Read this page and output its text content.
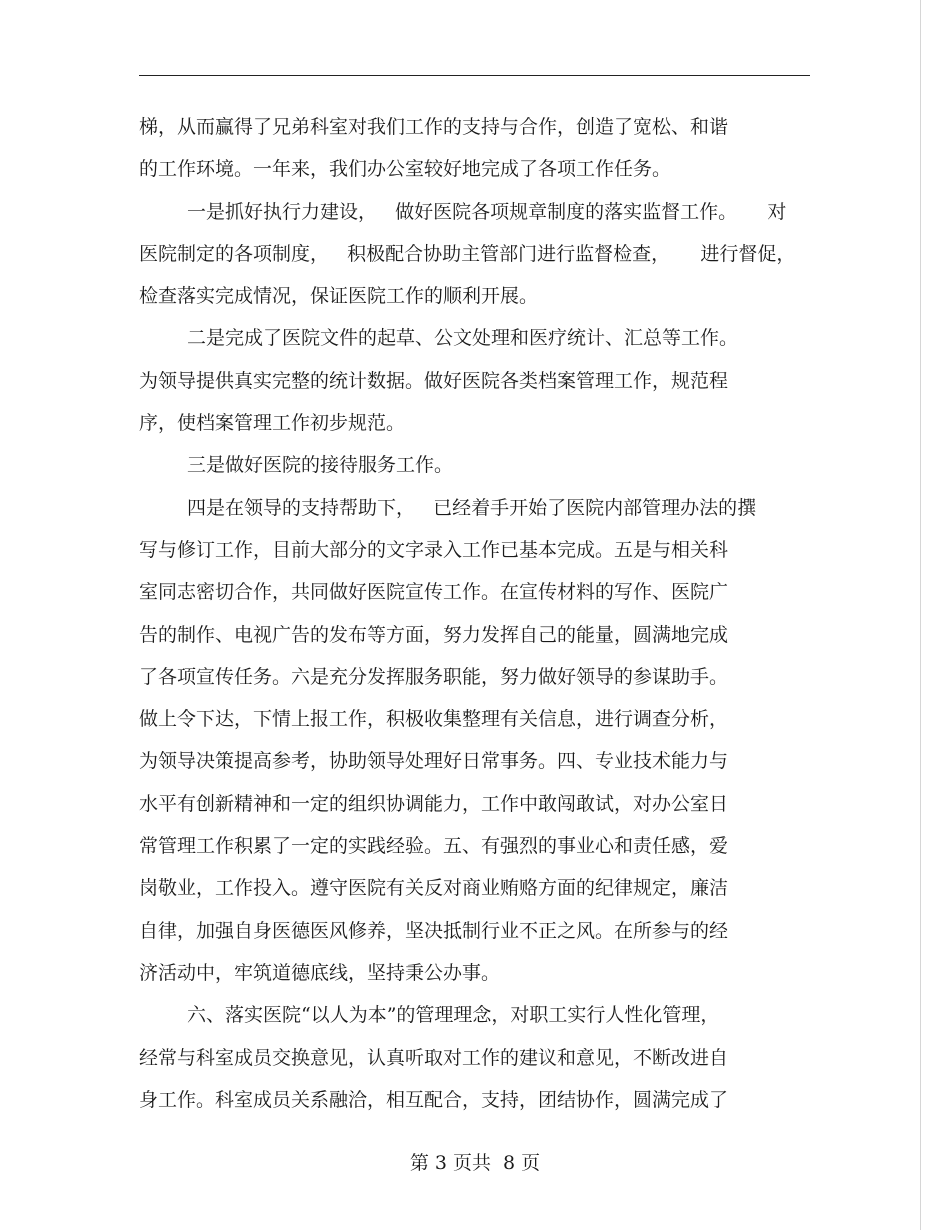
梯，从而赢得了兄弟科室对我们工作的支持与合作，创造了宽松、和谐
的工作环境。一年来，我们办公室较好地完成了各项工作任务。
一是抓好执行力建设，   做好医院各项规章制度的落实监督工作。     对
医院制定的各项制度，   积极配合协助主管部门进行监督检查，     进行督促，
检查落实完成情况，保证医院工作的顺利开展。
二是完成了医院文件的起草、公文处理和医疗统计、汇总等工作。
为领导提供真实完整的统计数据。做好医院各类档案管理工作，规范程
序，使档案管理工作初步规范。
三是做好医院的接待服务工作。
四是在领导的支持帮助下，   已经着手开始了医院内部管理办法的撰
写与修订工作，目前大部分的文字录入工作已基本完成。五是与相关科
室同志密切合作，共同做好医院宣传工作。在宣传材料的写作、医院广
告的制作、电视广告的发布等方面，努力发挥自己的能量，圆满地完成
了各项宣传任务。六是充分发挥服务职能，努力做好领导的参谋助手。
做上令下达，下情上报工作，积极收集整理有关信息，进行调查分析，
为领导决策提高参考，协助领导处理好日常事务。四、专业技术能力与
水平有创新精神和一定的组织协调能力，工作中敢闯敢试，对办公室日
常管理工作积累了一定的实践经验。五、有强烈的事业心和责任感，爱
岗敬业，工作投入。遵守医院有关反对商业贿赂方面的纪律规定，廉洁
自律，加强自身医德医风修养，坚决抵制行业不正之风。在所参与的经
济活动中，牢筑道德底线，坚持秉公办事。
六、落实医院“以人为本”的管理理念，对职工实行人性化管理，
经常与科室成员交换意见，认真听取对工作的建议和意见，不断改进自
身工作。科室成员关系融洽，相互配合，支持，团结协作，圆满完成了
第 3 页共  8 页
